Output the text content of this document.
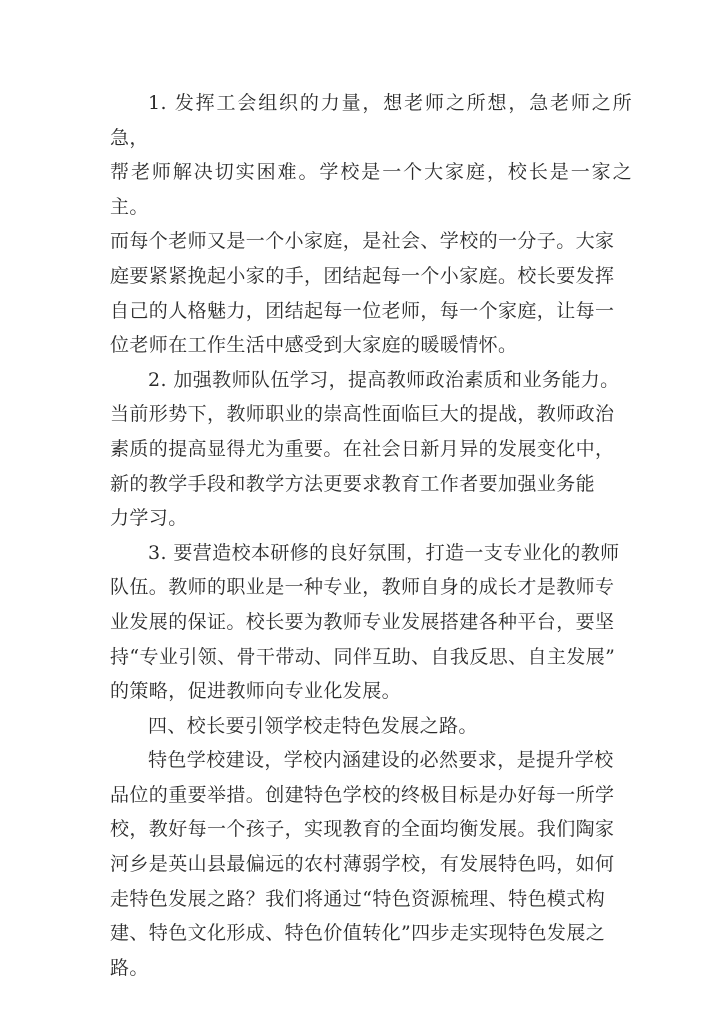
1. 发挥工会组织的力量，想老师之所想，急老师之所急，
帮老师解决切实困难。学校是一个大家庭，校长是一家之主。
而每个老师又是一个小家庭，是社会、学校的一分子。大家
庭要紧紧挽起小家的手，团结起每一个小家庭。校长要发挥
自己的人格魅力，团结起每一位老师，每一个家庭，让每一
位老师在工作生活中感受到大家庭的暖暖情怀。

2. 加强教师队伍学习，提高教师政治素质和业务能力。
当前形势下，教师职业的崇高性面临巨大的提战，教师政治
素质的提高显得尤为重要。在社会日新月异的发展变化中，
新的教学手段和教学方法更要求教育工作者要加强业务能
力学习。

3. 要营造校本研修的良好氛围，打造一支专业化的教师
队伍。教师的职业是一种专业，教师自身的成长才是教师专
业发展的保证。校长要为教师专业发展搭建各种平台，要坚
持“专业引领、骨干带动、同伴互助、自我反思、自主发展”
的策略，促进教师向专业化发展。

四、校长要引领学校走特色发展之路。

特色学校建设，学校内涵建设的必然要求，是提升学校
品位的重要举措。创建特色学校的终极目标是办好每一所学
校，教好每一个孩子，实现教育的全面均衡发展。我们陶家
河乡是英山县最偏远的农村薄弱学校，有发展特色吗，如何
走特色发展之路？我们将通过“特色资源梳理、特色模式构
建、特色文化形成、特色价值转化”四步走实现特色发展之
路。
